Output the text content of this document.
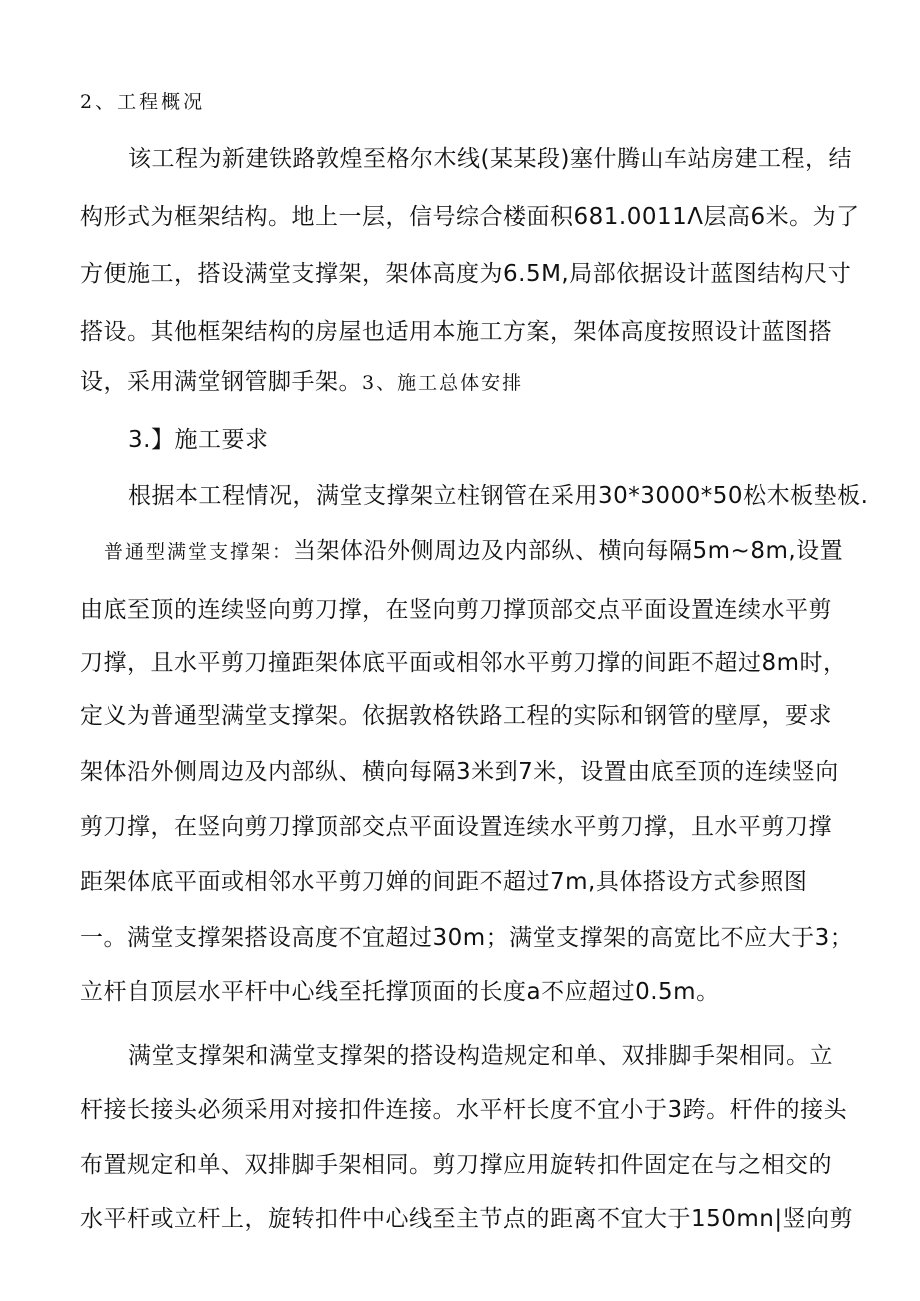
2、工程概况
该工程为新建铁路敦煌至格尔木线(某某段)塞什腾山车站房建工程，结
构形式为框架结构。地上一层，信号综合楼面积681.0011Λ层高6米。为了
方便施工，搭设满堂支撑架，架体高度为6.5M,局部依据设计蓝图结构尺寸
搭设。其他框架结构的房屋也适用本施工方案，架体高度按照设计蓝图搭
设，采用满堂钢管脚手架。3、施工总体安排
3.】施工要求
根据本工程情况，满堂支撑架立柱钢管在采用30*3000*50松木板垫板.
普通型满堂支撑架：当架体沿外侧周边及内部纵、横向每隔5m~8m,设置
由底至顶的连续竖向剪刀撑，在竖向剪刀撑顶部交点平面设置连续水平剪
刀撑，且水平剪刀撞距架体底平面或相邻水平剪刀撑的间距不超过8m时，
定义为普通型满堂支撑架。依据敦格铁路工程的实际和钢管的壁厚，要求
架体沿外侧周边及内部纵、横向每隔3米到7米，设置由底至顶的连续竖向
剪刀撑，在竖向剪刀撑顶部交点平面设置连续水平剪刀撑，且水平剪刀撑
距架体底平面或相邻水平剪刀婵的间距不超过7m,具体搭设方式参照图
一。满堂支撑架搭设高度不宜超过30m；满堂支撑架的高宽比不应大于3；
立杆自顶层水平杆中心线至托撑顶面的长度a不应超过0.5m。
满堂支撑架和满堂支撑架的搭设构造规定和单、双排脚手架相同。立
杆接长接头必须采用对接扣件连接。水平杆长度不宜小于3跨。杆件的接头
布置规定和单、双排脚手架相同。剪刀撑应用旋转扣件固定在与之相交的
水平杆或立杆上，旋转扣件中心线至主节点的距离不宜大于150mn|竖向剪
